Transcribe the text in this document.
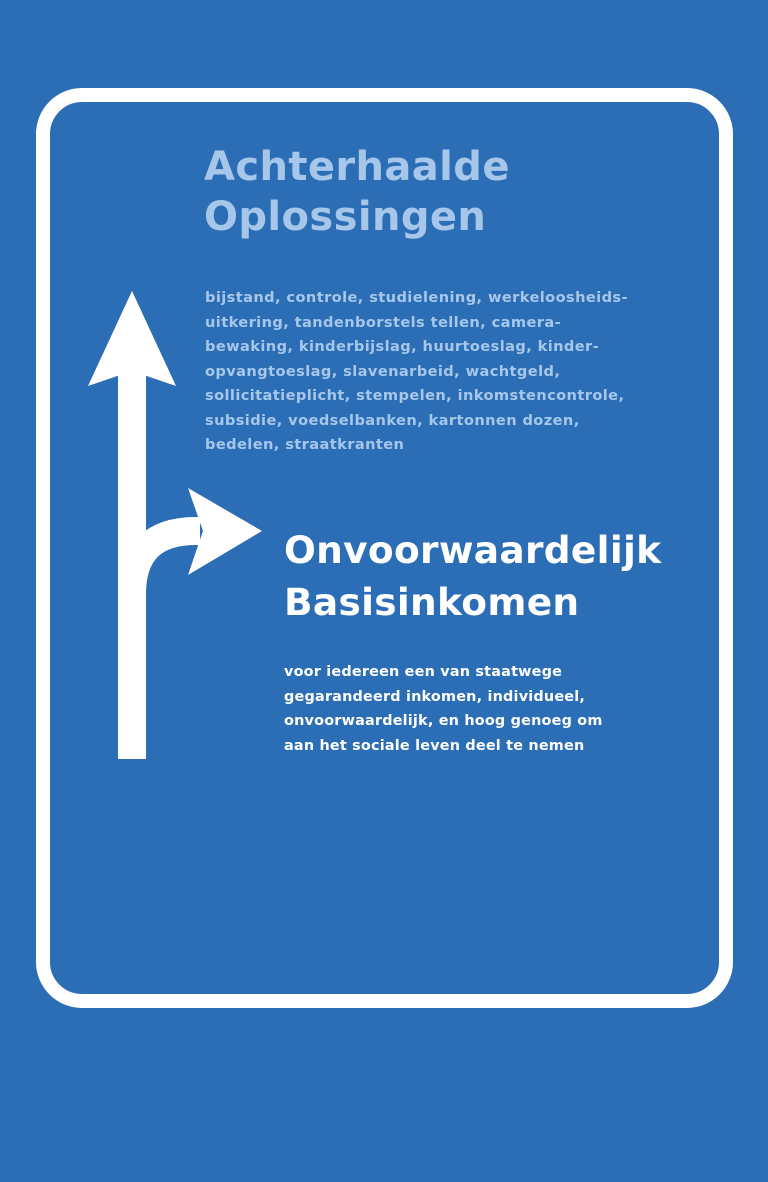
Achterhaalde
Oplossingen

bijstand, controle, studielening, werkeloosheids-
uitkering, tandenborstels tellen, camera-
bewaking, kinderbijslag, huurtoeslag, kinder-
opvangtoeslag, slavenarbeid, wachtgeld,
sollicitatieplicht, stempelen, inkomstencontrole,
subsidie, voedselbanken, kartonnen dozen,
bedelen, straatkranten

Onvoorwaardelijk
Basisinkomen

voor iedereen een van staatwege
gegarandeerd inkomen, individueel,
onvoorwaardelijk, en hoog genoeg om
aan het sociale leven deel te nemen
